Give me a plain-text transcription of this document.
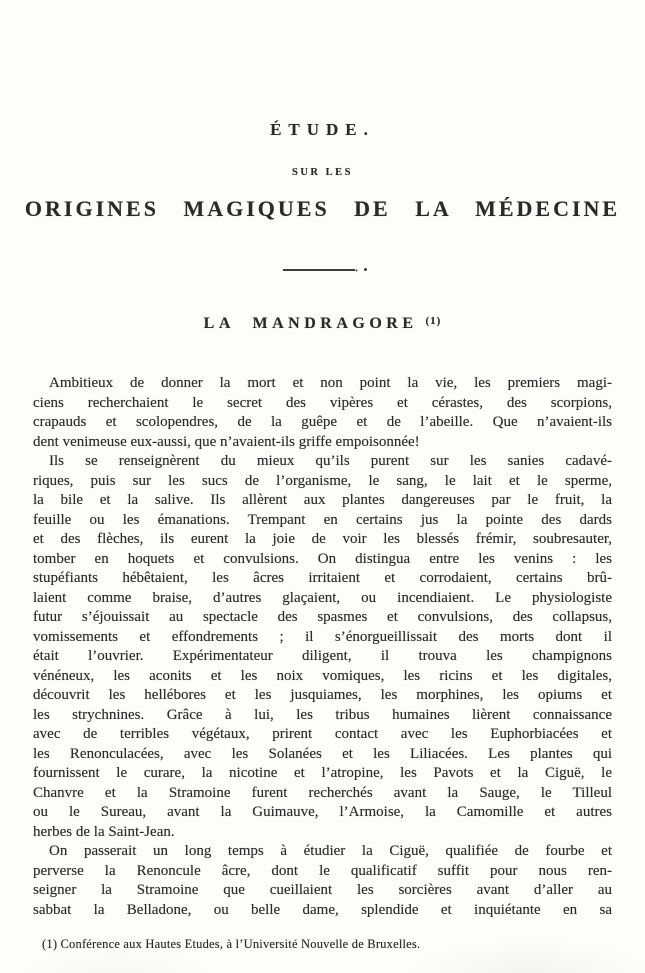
ÉTUDE.
SUR LES
ORIGINES MAGIQUES DE LA MÉDECINE
LA MANDRAGORE $^{(1)}$
Ambitieux de donner la mort et non point la vie, les premiers magi-
ciens recherchaient le secret des vipères et cérastes, des scorpions,
crapauds et scolopendres, de la guêpe et de l’abeille. Que n’avaient-ils
dent venimeuse eux-aussi, que n’avaient-ils griffe empoisonnée!
Ils se renseignèrent du mieux qu’ils purent sur les sanies cadavé-
riques, puis sur les sucs de l’organisme, le sang, le lait et le sperme,
la bile et la salive. Ils allèrent aux plantes dangereuses par le fruit, la
feuille ou les émanations. Trempant en certains jus la pointe des dards
et des flèches, ils eurent la joie de voir les blessés frémir, soubresauter,
tomber en hoquets et convulsions. On distingua entre les venins : les
stupéfiants hébêtaient, les âcres irritaient et corrodaient, certains brû-
laient comme braise, d’autres glaçaient, ou incendiaient. Le physiologiste
futur s’éjouissait au spectacle des spasmes et convulsions, des collapsus,
vomissements et effondrements ; il s’énorgueillissait des morts dont il
était l’ouvrier. Expérimentateur diligent, il trouva les champignons
vénéneux, les aconits et les noix vomiques, les ricins et les digitales,
découvrit les hellébores et les jusquiames, les morphines, les opiums et
les strychnines. Grâce à lui, les tribus humaines lièrent connaissance
avec de terribles végétaux, prirent contact avec les Euphorbiacées et
les Renonculacées, avec les Solanées et les Liliacées. Les plantes qui
fournissent le curare, la nicotine et l’atropine, les Pavots et la Ciguë, le
Chanvre et la Stramoine furent recherchés avant la Sauge, le Tilleul
ou le Sureau, avant la Guimauve, l’Armoise, la Camomille et autres
herbes de la Saint-Jean.
On passerait un long temps à étudier la Ciguë, qualifiée de fourbe et
perverse la Renoncule âcre, dont le qualificatif suffit pour nous ren-
seigner la Stramoine que cueillaient les sorcières avant d’aller au
sabbat la Belladone, ou belle dame, splendide et inquiétante en sa
(1) Conférence aux Hautes Etudes, à l’Université Nouvelle de Bruxelles.
